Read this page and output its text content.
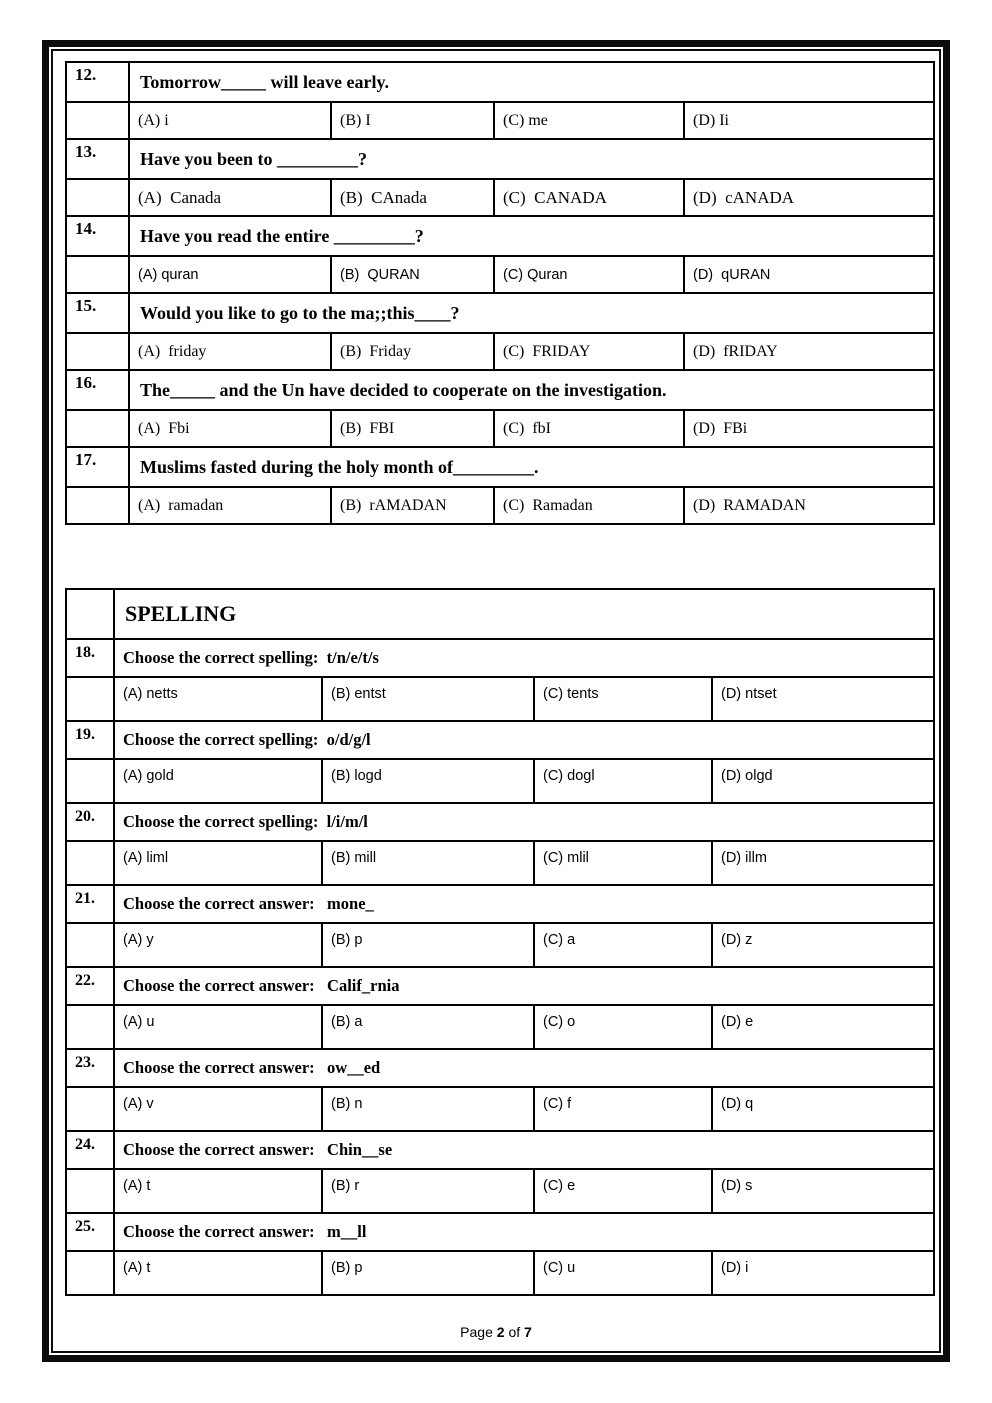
12.	Tomorrow_____ will leave early.			
	(A) i	(B) I	(C) me	(D) Ii
13.	Have you been to _________?			
	(A)  Canada	(B)  CAnada	(C)  CANADA	(D)  cANADA
14.	Have you read the entire _________?			
	(A) quran	(B)  QURAN	(C) Quran	(D)  qURAN
15.	Would you like to go to the ma;;this____?			
	(A)  friday	(B)  Friday	(C)  FRIDAY	(D)  fRIDAY
16.	The_____ and the Un have decided to cooperate on the investigation.			
	(A)  Fbi	(B)  FBI	(C)  fbI	(D)  FBi
17.	Muslims fasted during the holy month of_________.			
	(A)  ramadan	(B)  rAMADAN	(C)  Ramadan	(D)  RAMADAN
	SPELLING			
18.	Choose the correct spelling:  t/n/e/t/s			
	(A) netts	(B) entst	(C) tents	(D) ntset
19.	Choose the correct spelling:  o/d/g/l			
	(A) gold	(B) logd	(C) dogl	(D) olgd
20.	Choose the correct spelling:  l/i/m/l			
	(A) liml	(B) mill	(C) mlil	(D) illm
21.	Choose the correct answer:   mone_			
	(A) y	(B) p	(C) a	(D) z
22.	Choose the correct answer:   Calif_rnia			
	(A) u	(B) a	(C) o	(D) e
23.	Choose the correct answer:   ow__ed			
	(A) v	(B) n	(C) f	(D) q
24.	Choose the correct answer:   Chin__se			
	(A) t	(B) r	(C) e	(D) s
25.	Choose the correct answer:   m__ll			
	(A) t	(B) p	(C) u	(D) i
Page 2 of 7
